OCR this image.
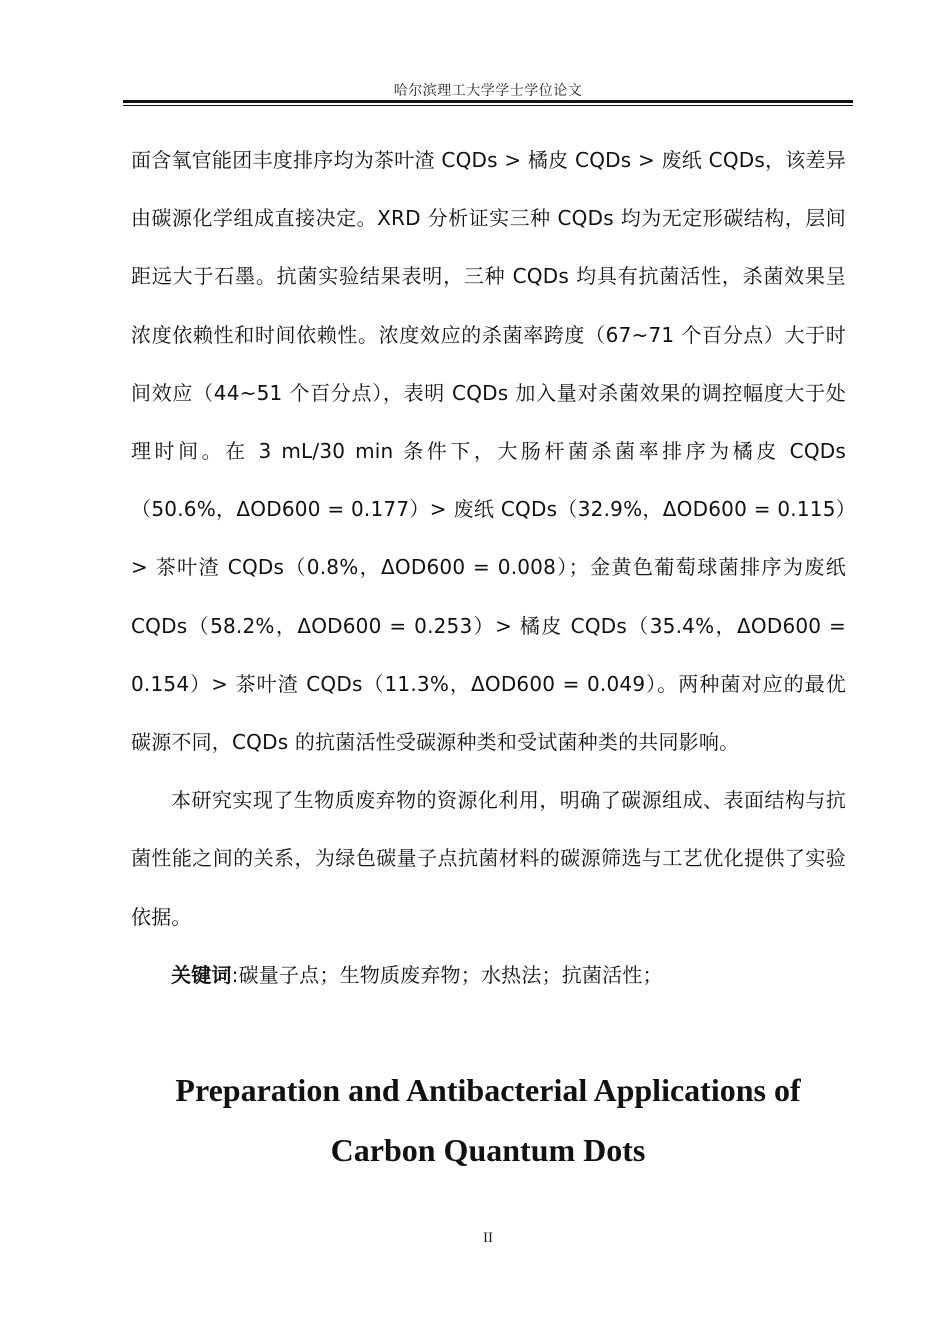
哈尔滨理工大学学士学位论文

面含氧官能团丰度排序均为茶叶渣 CQDs > 橘皮 CQDs > 废纸 CQDs，该差异由碳源化学组成直接决定。XRD 分析证实三种 CQDs 均为无定形碳结构，层间距远大于石墨。抗菌实验结果表明，三种 CQDs 均具有抗菌活性，杀菌效果呈浓度依赖性和时间依赖性。浓度效应的杀菌率跨度（67~71 个百分点）大于时间效应（44~51 个百分点），表明 CQDs 加入量对杀菌效果的调控幅度大于处理时间。在 3 mL/30 min 条件下，大肠杆菌杀菌率排序为橘皮 CQDs（50.6%，ΔOD600 = 0.177）> 废纸 CQDs（32.9%，ΔOD600 = 0.115）> 茶叶渣 CQDs（0.8%，ΔOD600 = 0.008）；金黄色葡萄球菌排序为废纸 CQDs（58.2%，ΔOD600 = 0.253）> 橘皮 CQDs（35.4%，ΔOD600 = 0.154）> 茶叶渣 CQDs（11.3%，ΔOD600 = 0.049）。两种菌对应的最优碳源不同，CQDs 的抗菌活性受碳源种类和受试菌种类的共同影响。

本研究实现了生物质废弃物的资源化利用，明确了碳源组成、表面结构与抗菌性能之间的关系，为绿色碳量子点抗菌材料的碳源筛选与工艺优化提供了实验依据。

关键词:碳量子点；生物质废弃物；水热法；抗菌活性；

Preparation and Antibacterial Applications of
Carbon Quantum Dots
II
